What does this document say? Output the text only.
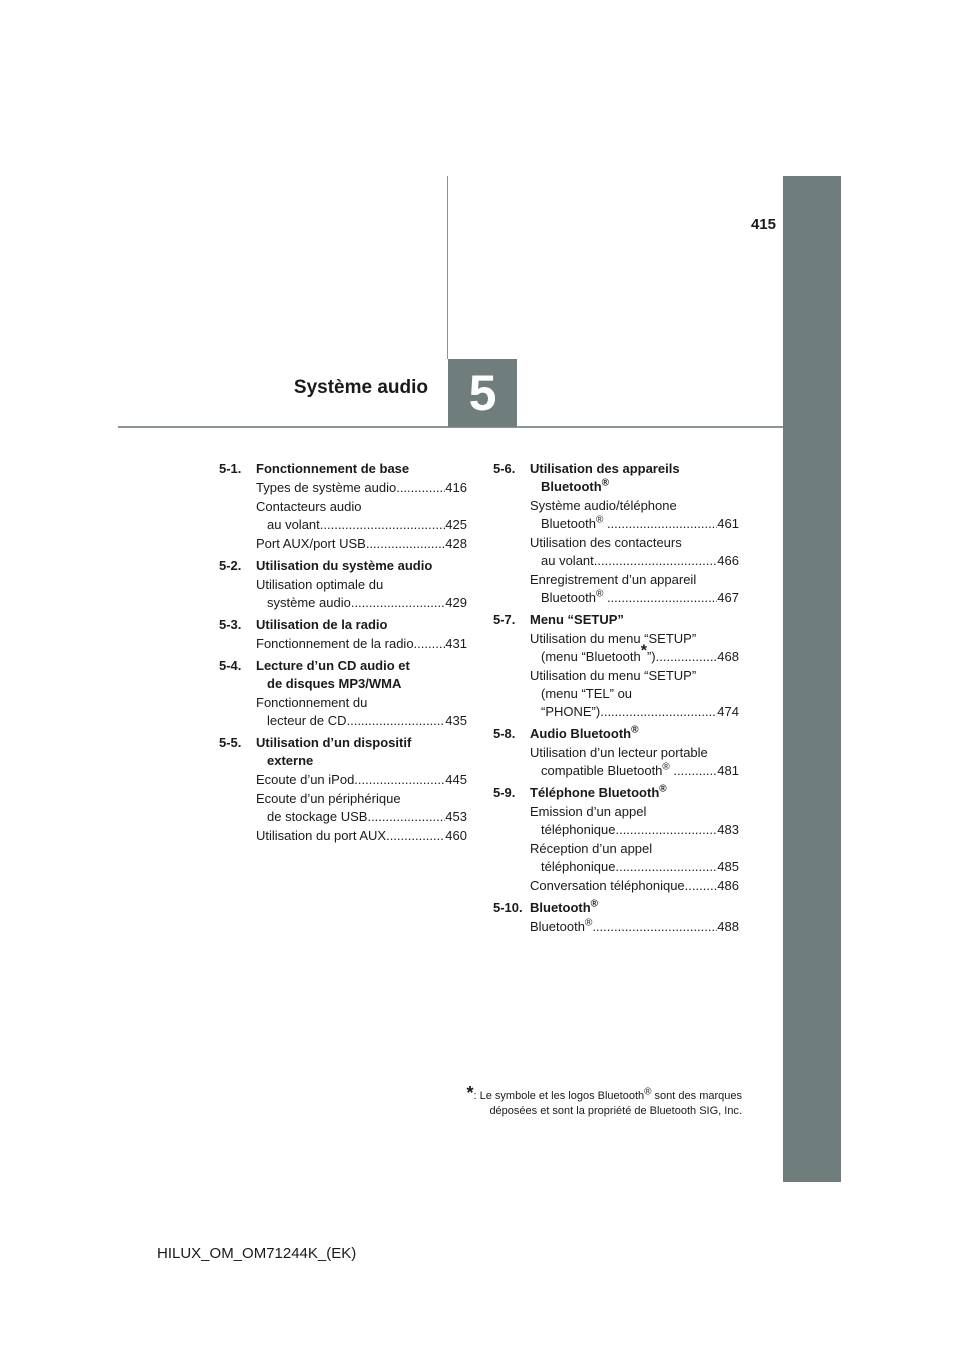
415
5
Système audio
5-1.	Fonctionnement de base
Types de système audio .....	416
Contacteurs audio
au volant .....	425
Port AUX/port USB .....	428
5-2.	Utilisation du système audio
Utilisation optimale du
système audio .....	429
5-3.	Utilisation de la radio
Fonctionnement de la radio ..... 431
5-4.	Lecture d’un CD audio et
de disques MP3/WMA
Fonctionnement du
lecteur de CD .....	435
5-5.	Utilisation d’un dispositif
externe
Ecoute d’un iPod .....	445
Ecoute d’un périphérique
de stockage USB .....	453
Utilisation du port AUX .....	460
5-6.	Utilisation des appareils
Bluetooth®
Système audio/téléphone
Bluetooth® .....	461
Utilisation des contacteurs
au volant .....	466
Enregistrement d’un appareil
Bluetooth® .....	467
5-7.	Menu “SETUP”
Utilisation du menu “SETUP”
(menu “Bluetooth*”) .....	468
Utilisation du menu “SETUP”
(menu “TEL” ou
“PHONE”) .....	474
5-8.	Audio Bluetooth®
Utilisation d’un lecteur portable
compatible Bluetooth® .....	481
5-9.	Téléphone Bluetooth®
Emission d’un appel
téléphonique .....	483
Réception d’un appel
téléphonique .....	485
Conversation téléphonique .....	486
5-10. Bluetooth®
Bluetooth® .....	488
*: Le symbole et les logos Bluetooth® sont des marques
déposées et sont la propriété de Bluetooth SIG, Inc.
HILUX_OM_OM71244K_(EK)
